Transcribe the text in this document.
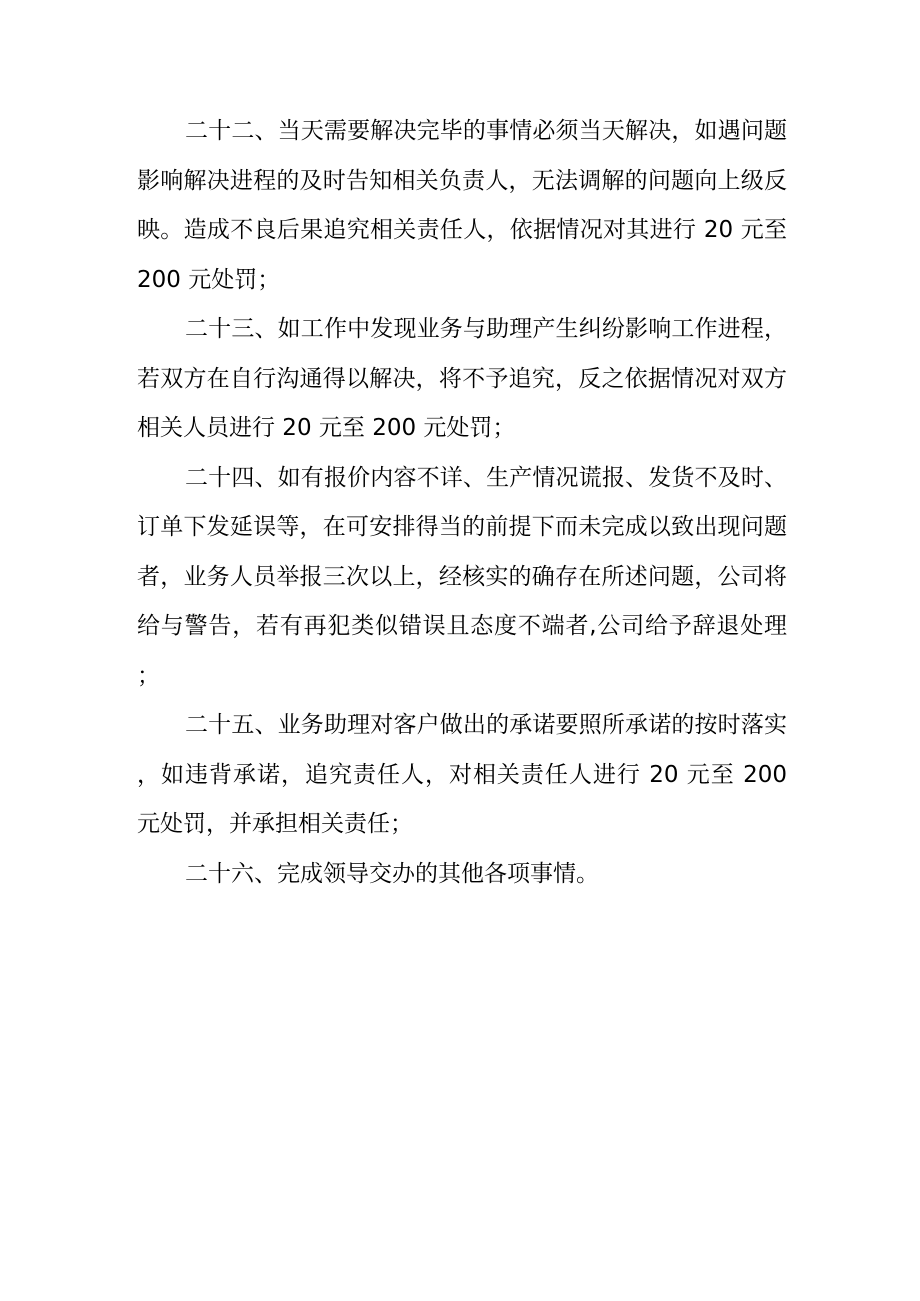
二十二、当天需要解决完毕的事情必须当天解决，如遇问题影响解决进程的及时告知相关负责人，无法调解的问题向上级反映。造成不良后果追究相关责任人，依据情况对其进行 20 元至 200 元处罚；

二十三、如工作中发现业务与助理产生纠纷影响工作进程，若双方在自行沟通得以解决，将不予追究，反之依据情况对双方相关人员进行 20 元至 200 元处罚；

二十四、如有报价内容不详、生产情况谎报、发货不及时、订单下发延误等，在可安排得当的前提下而未完成以致出现问题者，业务人员举报三次以上，经核实的确存在所述问题，公司将给与警告，若有再犯类似错误且态度不端者,公司给予辞退处理；

二十五、业务助理对客户做出的承诺要照所承诺的按时落实，如违背承诺，追究责任人，对相关责任人进行 20 元至 200 元处罚，并承担相关责任；

二十六、完成领导交办的其他各项事情。
